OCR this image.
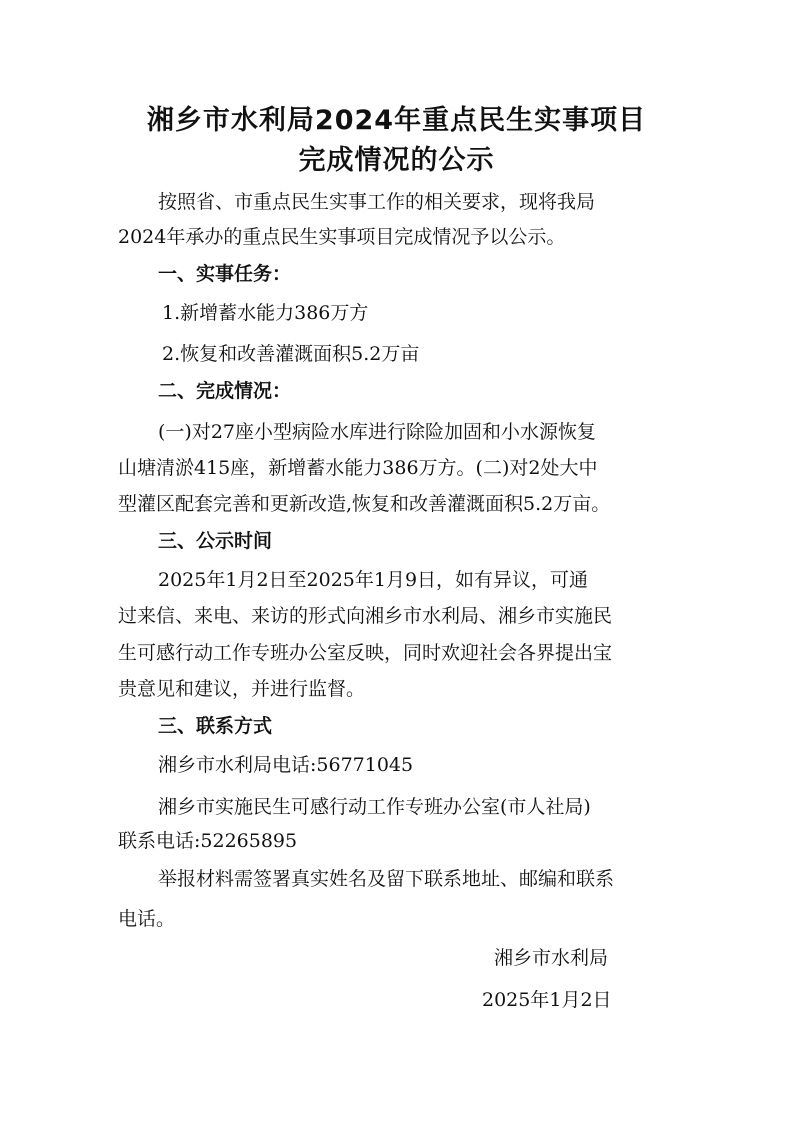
湘乡市水利局2024年重点民生实事项目
完成情况的公示

按照省、市重点民生实事工作的相关要求，现将我局

2024年承办的重点民生实事项目完成情况予以公示。

一、实事任务：

1.新增蓄水能力386万方

2.恢复和改善灌溉面积5.2万亩

二、完成情况：

(一)对27座小型病险水库进行除险加固和小水源恢复

山塘清淤415座，新增蓄水能力386万方。(二)对2处大中

型灌区配套完善和更新改造,恢复和改善灌溉面积5.2万亩。

三、公示时间

2025年1月2日至2025年1月9日，如有异议，可通

过来信、来电、来访的形式向湘乡市水利局、湘乡市实施民

生可感行动工作专班办公室反映，同时欢迎社会各界提出宝

贵意见和建议，并进行监督。

三、联系方式

湘乡市水利局电话:56771045

湘乡市实施民生可感行动工作专班办公室(市人社局)

联系电话:52265895

举报材料需签署真实姓名及留下联系地址、邮编和联系

电话。

湘乡市水利局

2025年1月2日
